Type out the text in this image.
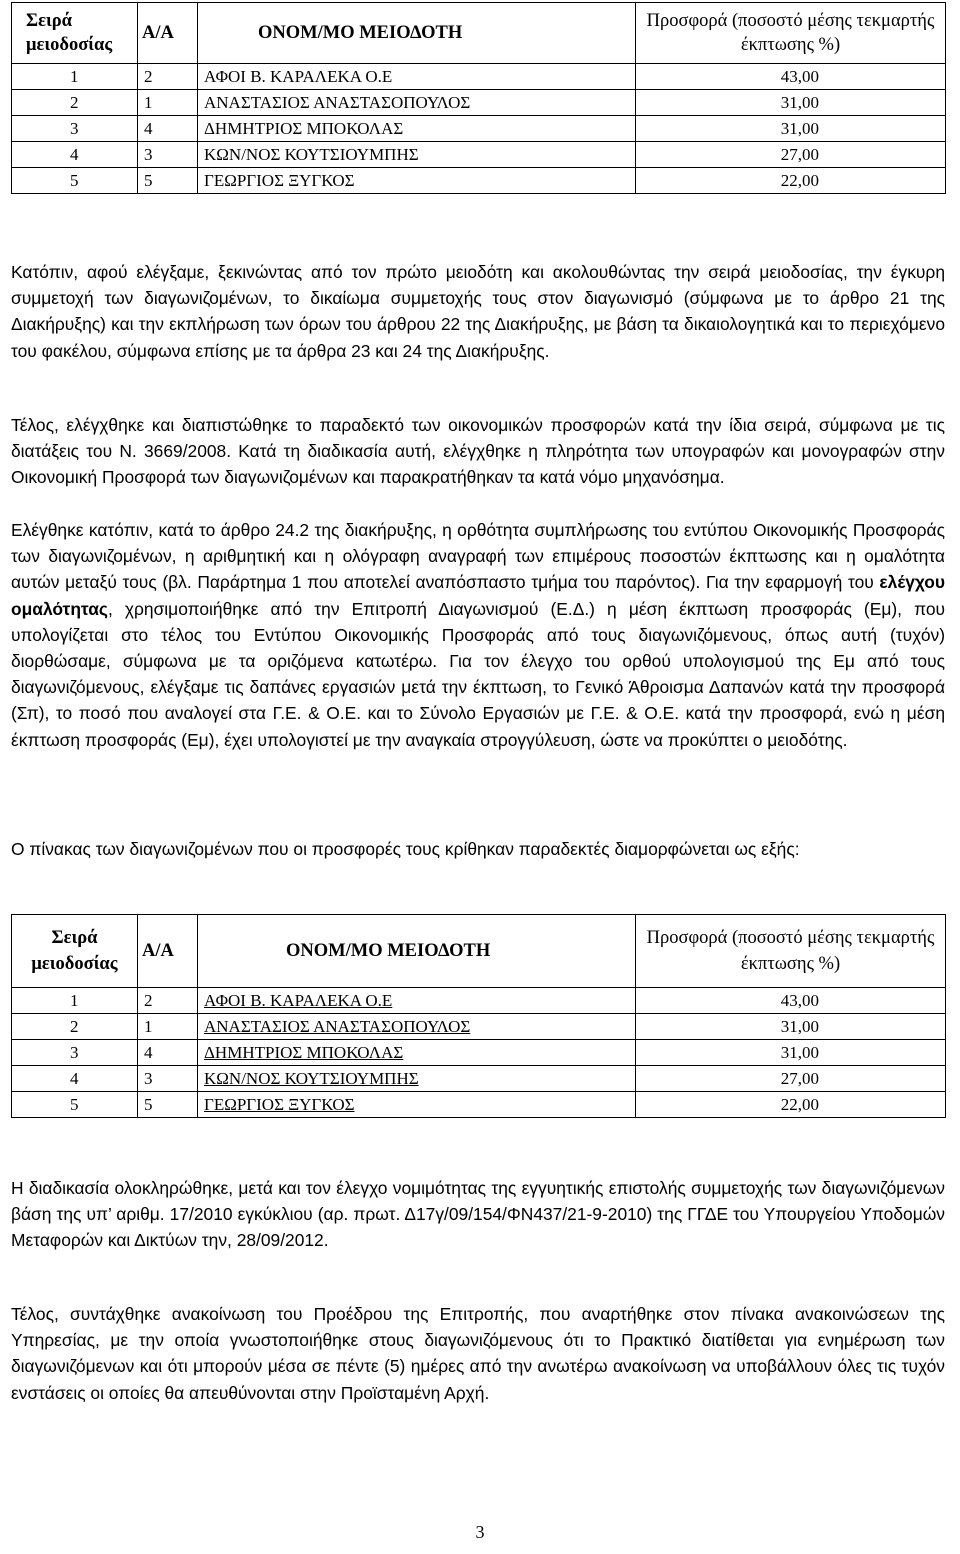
Σειρά μειοδοσίας	Α/Α	ΟΝΟΜ/ΜΟ ΜΕΙΟΔΟΤΗ	Προσφορά (ποσοστό μέσης τεκμαρτής έκπτωσης %)
1	2	ΑΦΟΙ Β. ΚΑΡΑΛΕΚΑ Ο.Ε	43,00
2	1	ΑΝΑΣΤΑΣΙΟΣ ΑΝΑΣΤΑΣΟΠΟΥΛΟΣ	31,00
3	4	ΔΗΜΗΤΡΙΟΣ ΜΠΟΚΟΛΑΣ	31,00
4	3	ΚΩΝ/ΝΟΣ ΚΟΥΤΣΙΟΥΜΠΗΣ	27,00
5	5	ΓΕΩΡΓΙΟΣ ΞΥΓΚΟΣ	22,00

Κατόπιν, αφού ελέγξαμε, ξεκινώντας από τον πρώτο μειοδότη και ακολουθώντας την σειρά μειοδοσίας, την έγκυρη συμμετοχή των διαγωνιζομένων, το δικαίωμα συμμετοχής τους στον διαγωνισμό (σύμφωνα με το άρθρο 21 της Διακήρυξης) και την εκπλήρωση των όρων του άρθρου 22 της Διακήρυξης, με βάση τα δικαιολογητικά και το περιεχόμενο του φακέλου, σύμφωνα επίσης με τα άρθρα 23 και 24 της Διακήρυξης.

Τέλος, ελέγχθηκε και διαπιστώθηκε το παραδεκτό των οικονομικών προσφορών κατά την ίδια σειρά, σύμφωνα με τις διατάξεις του Ν. 3669/2008. Κατά τη διαδικασία αυτή, ελέγχθηκε η πληρότητα των υπογραφών και μονογραφών στην Οικονομική Προσφορά των διαγωνιζομένων και παρακρατήθηκαν τα κατά νόμο μηχανόσημα.

Ελέγθηκε κατόπιν, κατά το άρθρο 24.2 της διακήρυξης, η ορθότητα συμπλήρωσης του εντύπου Οικονομικής Προσφοράς των διαγωνιζομένων, η αριθμητική και η ολόγραφη αναγραφή των επιμέρους ποσοστών έκπτωσης και η ομαλότητα αυτών μεταξύ τους (βλ. Παράρτημα 1 που αποτελεί αναπόσπαστο τμήμα του παρόντος). Για την εφαρμογή του ελέγχου ομαλότητας, χρησιμοποιήθηκε από την Επιτροπή Διαγωνισμού (Ε.Δ.) η μέση έκπτωση προσφοράς (Εμ), που υπολογίζεται στο τέλος του Εντύπου Οικονομικής Προσφοράς από τους διαγωνιζόμενους, όπως αυτή (τυχόν) διορθώσαμε, σύμφωνα με τα οριζόμενα κατωτέρω. Για τον έλεγχο του ορθού υπολογισμού της Εμ από τους διαγωνιζόμενους, ελέγξαμε τις δαπάνες εργασιών μετά την έκπτωση, το Γενικό Άθροισμα Δαπανών κατά την προσφορά (Σπ), το ποσό που αναλογεί στα Γ.Ε. & Ο.Ε. και το Σύνολο Εργασιών με Γ.Ε. & Ο.Ε. κατά την προσφορά, ενώ η μέση έκπτωση προσφοράς (Εμ), έχει υπολογιστεί με την αναγκαία στρογγύλευση, ώστε να προκύπτει ο μειοδότης.

Ο πίνακας των διαγωνιζομένων που οι προσφορές τους κρίθηκαν παραδεκτές διαμορφώνεται ως εξής:

Σειρά μειοδοσίας	Α/Α	ΟΝΟΜ/ΜΟ ΜΕΙΟΔΟΤΗ	Προσφορά (ποσοστό μέσης τεκμαρτής έκπτωσης %)
1	2	ΑΦΟΙ Β. ΚΑΡΑΛΕΚΑ Ο.Ε	43,00
2	1	ΑΝΑΣΤΑΣΙΟΣ ΑΝΑΣΤΑΣΟΠΟΥΛΟΣ	31,00
3	4	ΔΗΜΗΤΡΙΟΣ ΜΠΟΚΟΛΑΣ	31,00
4	3	ΚΩΝ/ΝΟΣ ΚΟΥΤΣΙΟΥΜΠΗΣ	27,00
5	5	ΓΕΩΡΓΙΟΣ ΞΥΓΚΟΣ	22,00

Η διαδικασία ολοκληρώθηκε, μετά και τον έλεγχο νομιμότητας της εγγυητικής επιστολής συμμετοχής των διαγωνιζόμενων βάση της υπ’ αριθμ. 17/2010 εγκύκλιου (αρ. πρωτ. Δ17γ/09/154/ΦΝ437/21-9-2010) της ΓΓΔΕ του Υπουργείου Υποδομών Μεταφορών και Δικτύων την, 28/09/2012.

Τέλος, συντάχθηκε ανακοίνωση του Προέδρου της Επιτροπής, που αναρτήθηκε στον πίνακα ανακοινώσεων της Υπηρεσίας, με την οποία γνωστοποιήθηκε στους διαγωνιζόμενους ότι το Πρακτικό διατίθεται για ενημέρωση των διαγωνιζόμενων και ότι μπορούν μέσα σε πέντε (5) ημέρες από την ανωτέρω ανακοίνωση να υποβάλλουν όλες τις τυχόν ενστάσεις οι οποίες θα απευθύνονται στην Προϊσταμένη Αρχή.

3
